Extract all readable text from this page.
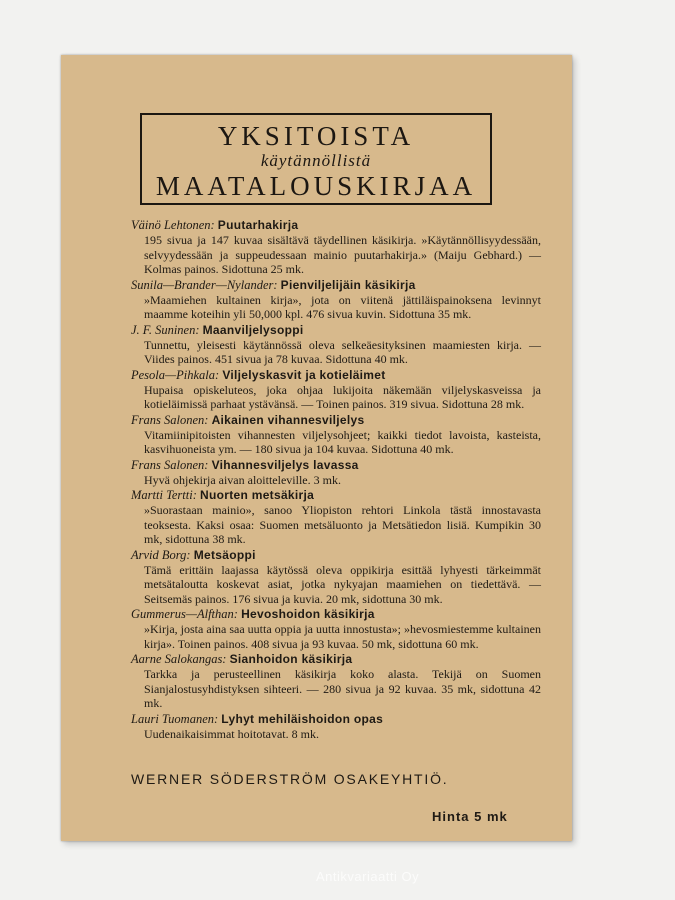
YKSITOISTA
käytännöllistä
MAATALOUSKIRJAA
Väinö Lehtonen: Puutarhakirja
195 sivua ja 147 kuvaa sisältävä täydellinen käsikirja. »Käytännöllisyydessään, selvyydessään ja suppeudessaan mainio puutarhakirja.» (Maiju Gebhard.) — Kolmas painos. Sidottuna 25 mk.
Sunila—Brander—Nylander: Pienviljelijäin käsikirja
»Maamiehen kultainen kirja», jota on viitenä jättiläispainoksena levinnyt maamme koteihin yli 50,000 kpl. 476 sivua kuvin. Sidottuna 35 mk.
J. F. Suninen: Maanviljelysoppi
Tunnettu, yleisesti käytännössä oleva selkeäesityksinen maamiesten kirja. — Viides painos. 451 sivua ja 78 kuvaa. Sidottuna 40 mk.
Pesola—Pihkala: Viljelyskasvit ja kotieläimet
Hupaisa opiskeluteos, joka ohjaa lukijoita näkemään viljelyskasveissa ja kotieläimissä parhaat ystävänsä. — Toinen painos. 319 sivua. Sidottuna 28 mk.
Frans Salonen: Aikainen vihannesviljelys
Vitamiinipitoisten vihannesten viljelysohjeet; kaikki tiedot lavoista, kasteista, kasvihuoneista ym. — 180 sivua ja 104 kuvaa. Sidottuna 40 mk.
Frans Salonen: Vihannesviljelys lavassa
Hyvä ohjekirja aivan aloitteleville. 3 mk.
Martti Tertti: Nuorten metsäkirja
»Suorastaan mainio», sanoo Yliopiston rehtori Linkola tästä innostavasta teoksesta. Kaksi osaa: Suomen metsäluonto ja Metsätiedon lisiä. Kumpikin 30 mk, sidottuna 38 mk.
Arvid Borg: Metsäoppi
Tämä erittäin laajassa käytössä oleva oppikirja esittää lyhyesti tärkeimmät metsätaloutta koskevat asiat, jotka nykyajan maamiehen on tiedettävä. — Seitsemäs painos. 176 sivua ja kuvia. 20 mk, sidottuna 30 mk.
Gummerus—Alfthan: Hevoshoidon käsikirja
»Kirja, josta aina saa uutta oppia ja uutta innostusta»; »hevosmiestemme kultainen kirja». Toinen painos. 408 sivua ja 93 kuvaa. 50 mk, sidottuna 60 mk.
Aarne Salokangas: Sianhoidon käsikirja
Tarkka ja perusteellinen käsikirja koko alasta. Tekijä on Suomen Sianjalostusyhdistyksen sihteeri. — 280 sivua ja 92 kuvaa. 35 mk, sidottuna 42 mk.
Lauri Tuomanen: Lyhyt mehiläishoidon opas
Uudenaikaisimmat hoitotavat. 8 mk.
WERNER SÖDERSTRÖM OSAKEYHTIÖ.
Hinta 5 mk
Antikvariaatti Oy
